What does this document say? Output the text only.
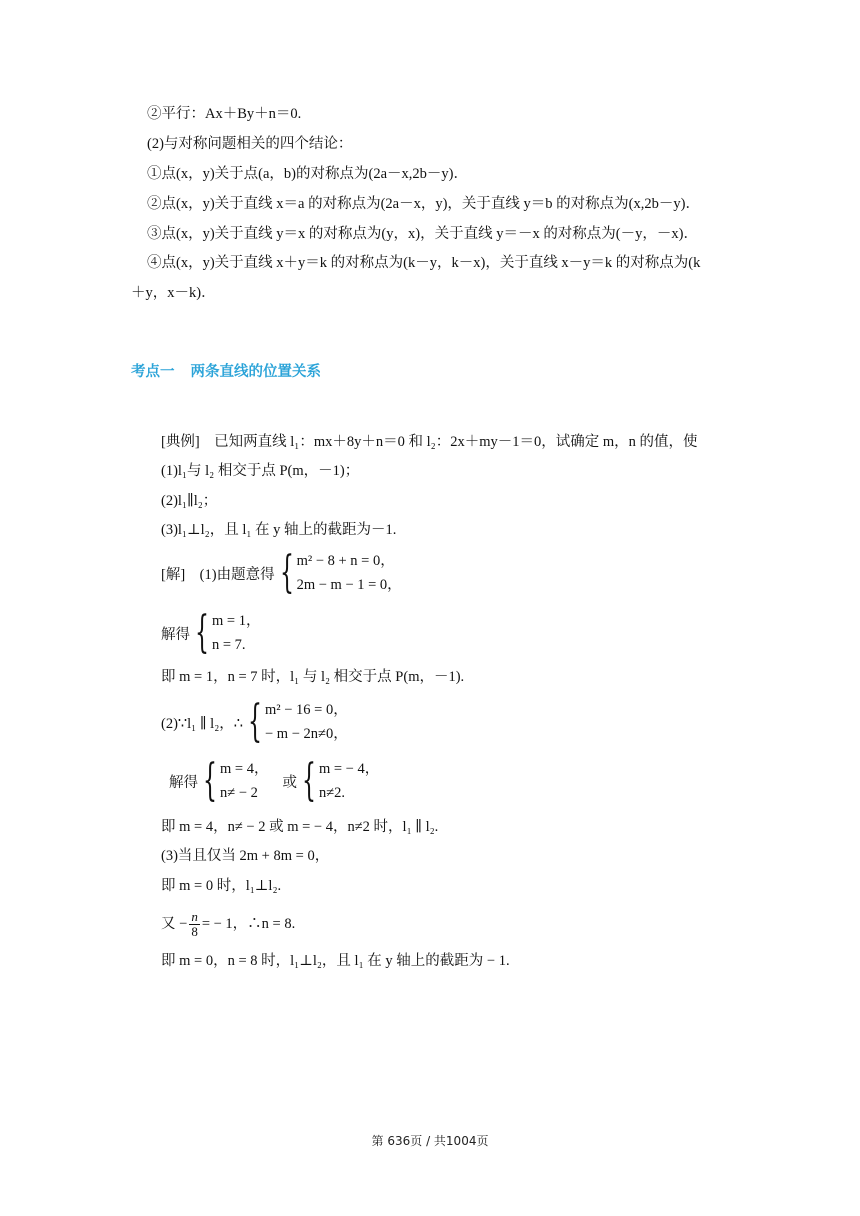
②平行：Ax＋By＋n＝0.
(2)与对称问题相关的四个结论：
①点(x，y)关于点(a，b)的对称点为(2a－x,2b－y)．
②点(x，y)关于直线 x＝a 的对称点为(2a－x，y)，关于直线 y＝b 的对称点为(x,2b－y)．
③点(x，y)关于直线 y＝x 的对称点为(y，x)，关于直线 y＝－x 的对称点为(－y，－x)．
④点(x，y)关于直线 x＋y＝k 的对称点为(k－y，k－x)，关于直线 x－y＝k 的对称点为(k
＋y，x－k)．
考点一 两条直线的位置关系
[典例]　已知两直线 l₁：mx＋8y＋n＝0 和 l₂：2x＋my－1＝0，试确定 m，n 的值，使
(1)l₁与 l₂ 相交于点 P(m，－1)；
(2)l₁∥l₂；
(3)l₁⊥l₂，且 l₁ 在 y 轴上的截距为－1.
[解]　(1)由题意得 { m² − 8 + n = 0，
2m − m − 1 = 0，
解得 { m = 1，
n = 7.
即 m = 1，n = 7 时，l₁ 与 l₂ 相交于点 P(m，－1).
(2)∵l₁ ∥ l₂，∴ { m² − 16 = 0，
− m − 2n≠0，
解得 { m = 4，
n≠ − 2
或 { m = − 4，
n≠2.
即 m = 4，n≠ − 2 或 m = − 4，n≠2 时，l₁ ∥ l₂.
(3)当且仅当 2m + 8m = 0，
即 m = 0 时，l₁⊥l₂.
又 − $\frac{n}{8}$ = − 1，∴n = 8.
即 m = 0，n = 8 时，l₁⊥l₂，且 l₁ 在 y 轴上的截距为 − 1.
第 636页 / 共1004页
